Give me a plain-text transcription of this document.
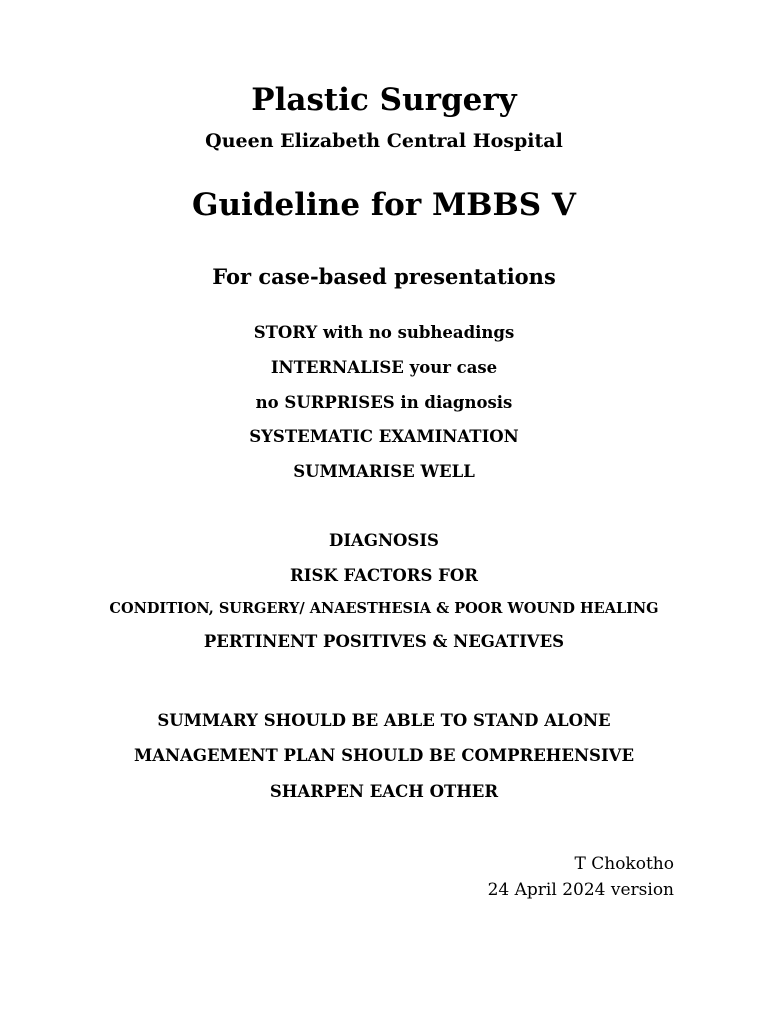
Plastic Surgery
Queen Elizabeth Central Hospital
Guideline for MBBS V
For case-based presentations
STORY with no subheadings
INTERNALISE your case
no SURPRISES in diagnosis
SYSTEMATIC EXAMINATION
SUMMARISE WELL
DIAGNOSIS
RISK FACTORS FOR
CONDITION, SURGERY/ ANAESTHESIA & POOR WOUND HEALING
PERTINENT POSITIVES & NEGATIVES
SUMMARY SHOULD BE ABLE TO STAND ALONE
MANAGEMENT PLAN SHOULD BE COMPREHENSIVE
SHARPEN EACH OTHER
T Chokotho
24 April 2024 version
